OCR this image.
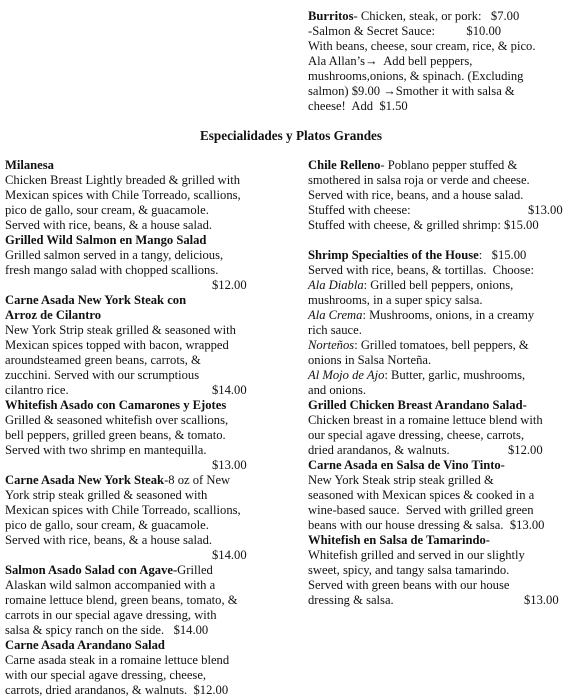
Burritos- Chicken, steak, or pork:   $7.00
-Salmon & Secret Sauce:          $10.00
With beans, cheese, sour cream, rice, & pico.
Ala Allan’s→  Add bell peppers,
mushrooms,onions, & spinach. (Excluding
salmon) $9.00 →Smother it with salsa &
cheese!  Add  $1.50
Especialidades y Platos Grandes
Milanesa
Chicken Breast Lightly breaded & grilled with
Mexican spices with Chile Torreado, scallions,
pico de gallo, sour cream, & guacamole.
Served with rice, beans, & a house salad.
Grilled Wild Salmon en Mango Salad
Grilled salmon served in a tangy, delicious,
fresh mango salad with chopped scallions.
$12.00
Carne Asada New York Steak con
Arroz de Cilantro
New York Strip steak grilled & seasoned with
Mexican spices topped with bacon, wrapped
aroundsteamed green beans, carrots, &
zucchini. Served with our scrumptious
cilantro rice.	$14.00
Whitefish Asado con Camarones y Ejotes
Grilled & seasoned whitefish over scallions,
bell peppers, grilled green beans, & tomato.
Served with two shrimp en mantequilla.
$13.00
Carne Asada New York Steak-8 oz of New
York strip steak grilled & seasoned with
Mexican spices with Chile Torreado, scallions,
pico de gallo, sour cream, & guacamole.
Served with rice, beans, & a house salad.
$14.00
Salmon Asado Salad con Agave-Grilled
Alaskan wild salmon accompanied with a
romaine lettuce blend, green beans, tomato, &
carrots in our special agave dressing, with
salsa & spicy ranch on the side.   $14.00
Carne Asada Arandano Salad
Carne asada steak in a romaine lettuce blend
with our special agave dressing, cheese,
carrots, dried arandanos, & walnuts.  $12.00
Chile Relleno- Poblano pepper stuffed &
smothered in salsa roja or verde and cheese.
Served with rice, beans, and a house salad.
Stuffed with cheese:	$13.00
Stuffed with cheese, & grilled shrimp: $15.00
Shrimp Specialties of the House:   $15.00
Served with rice, beans, & tortillas.  Choose:
Ala Diabla: Grilled bell peppers, onions,
mushrooms, in a super spicy salsa.
Ala Crema: Mushrooms, onions, in a creamy
rich sauce.
Norteños: Grilled tomatoes, bell peppers, &
onions in Salsa Norteña.
Al Mojo de Ajo: Butter, garlic, mushrooms,
and onions.
Grilled Chicken Breast Arandano Salad-
Chicken breast in a romaine lettuce blend with
our special agave dressing, cheese, carrots,
dried arandanos, & walnuts.	$12.00
Carne Asada en Salsa de Vino Tinto-
New York Steak strip steak grilled &
seasoned with Mexican spices & cooked in a
wine-based sauce.  Served with grilled green
beans with our house dressing & salsa.  $13.00
Whitefish en Salsa de Tamarindo-
Whitefish grilled and served in our slightly
sweet, spicy, and tangy salsa tamarindo.
Served with green beans with our house
dressing & salsa.	$13.00
